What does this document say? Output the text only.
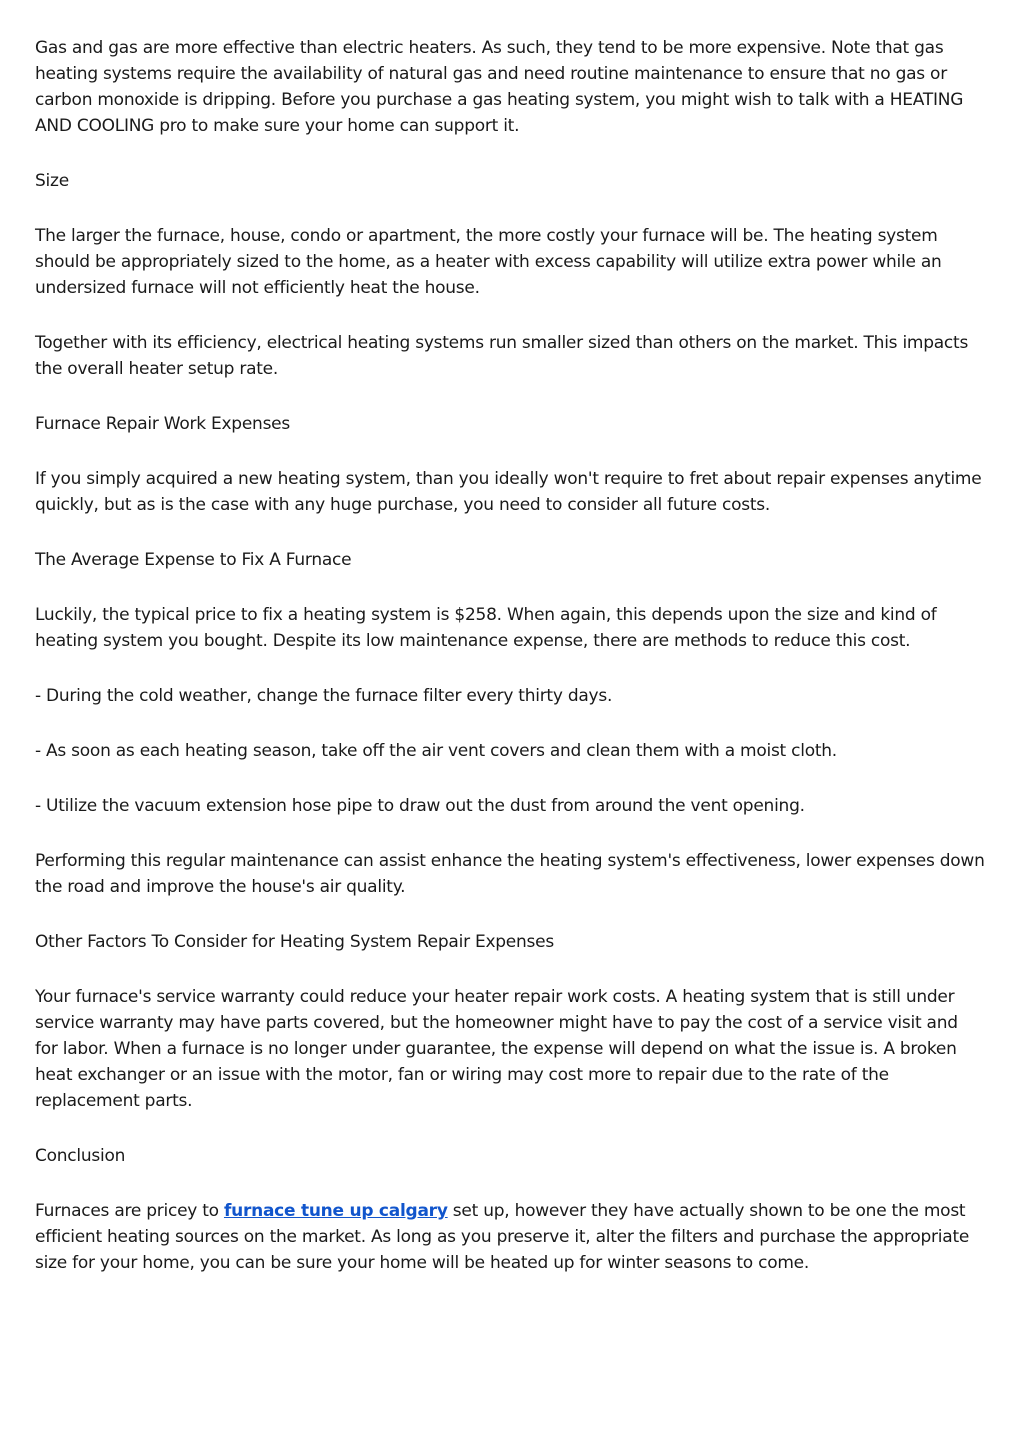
Gas and gas are more effective than electric heaters. As such, they tend to be more expensive. Note that gas heating systems require the availability of natural gas and need routine maintenance to ensure that no gas or carbon monoxide is dripping. Before you purchase a gas heating system, you might wish to talk with a HEATING AND COOLING pro to make sure your home can support it.

Size

The larger the furnace, house, condo or apartment, the more costly your furnace will be. The heating system should be appropriately sized to the home, as a heater with excess capability will utilize extra power while an undersized furnace will not efficiently heat the house.

Together with its efficiency, electrical heating systems run smaller sized than others on the market. This impacts the overall heater setup rate.

Furnace Repair Work Expenses

If you simply acquired a new heating system, than you ideally won't require to fret about repair expenses anytime quickly, but as is the case with any huge purchase, you need to consider all future costs.

The Average Expense to Fix A Furnace

Luckily, the typical price to fix a heating system is $258. When again, this depends upon the size and kind of heating system you bought. Despite its low maintenance expense, there are methods to reduce this cost.

- During the cold weather, change the furnace filter every thirty days.

- As soon as each heating season, take off the air vent covers and clean them with a moist cloth.

- Utilize the vacuum extension hose pipe to draw out the dust from around the vent opening.

Performing this regular maintenance can assist enhance the heating system's effectiveness, lower expenses down the road and improve the house's air quality.

Other Factors To Consider for Heating System Repair Expenses

Your furnace's service warranty could reduce your heater repair work costs. A heating system that is still under service warranty may have parts covered, but the homeowner might have to pay the cost of a service visit and for labor. When a furnace is no longer under guarantee, the expense will depend on what the issue is. A broken heat exchanger or an issue with the motor, fan or wiring may cost more to repair due to the rate of the replacement parts.

Conclusion

Furnaces are pricey to furnace tune up calgary set up, however they have actually shown to be one the most efficient heating sources on the market. As long as you preserve it, alter the filters and purchase the appropriate size for your home, you can be sure your home will be heated up for winter seasons to come.
